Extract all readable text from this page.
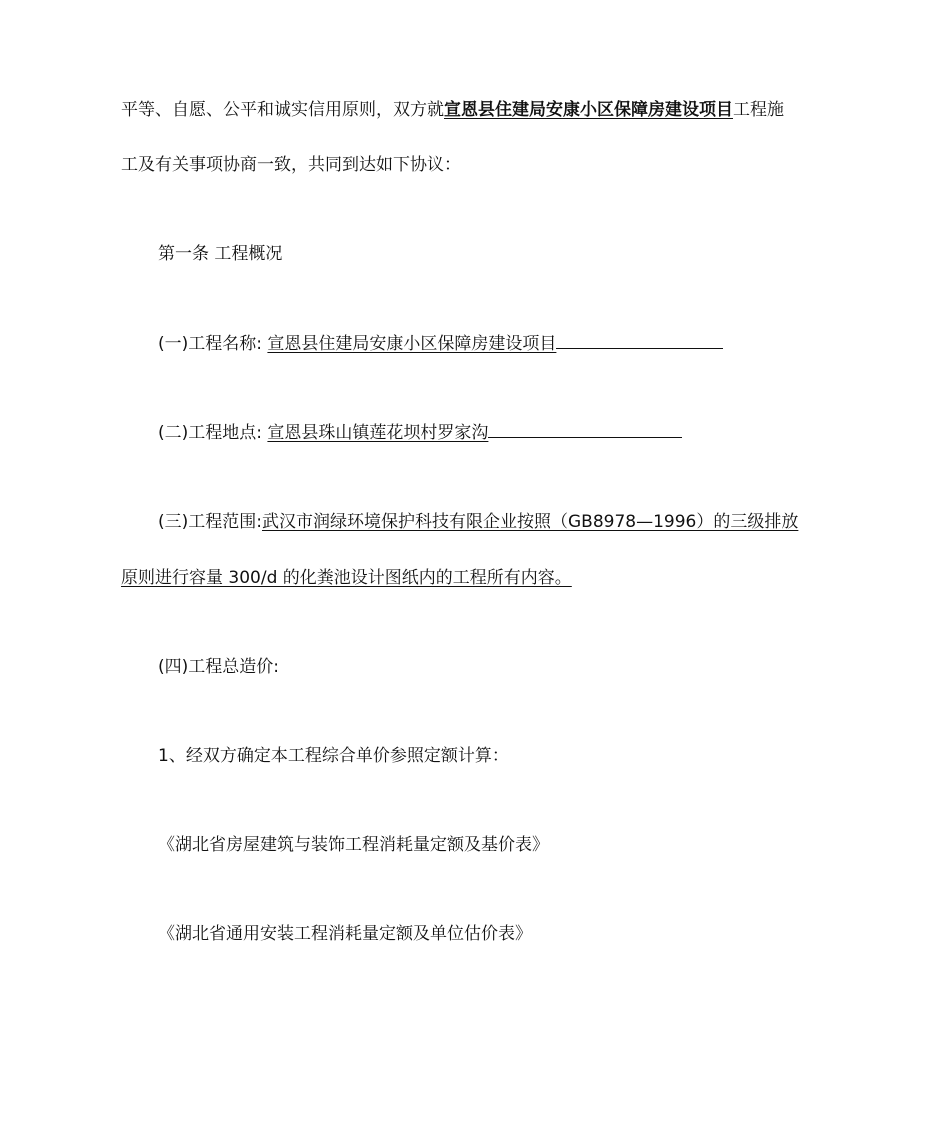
平等、自愿、公平和诚实信用原则，双方就宣恩县住建局安康小区保障房建设项目工程施
工及有关事项协商一致，共同到达如下协议：
第一条 工程概况
(一)工程名称: 宣恩县住建局安康小区保障房建设项目
(二)工程地点: 宣恩县珠山镇莲花坝村罗家沟
(三)工程范围:武汉市润绿环境保护科技有限企业按照（GB8978—1996）的三级排放
原则进行容量 300/d 的化粪池设计图纸内的工程所有内容。
(四)工程总造价:
1、经双方确定本工程综合单价参照定额计算：
《湖北省房屋建筑与装饰工程消耗量定额及基价表》
《湖北省通用安装工程消耗量定额及单位估价表》
